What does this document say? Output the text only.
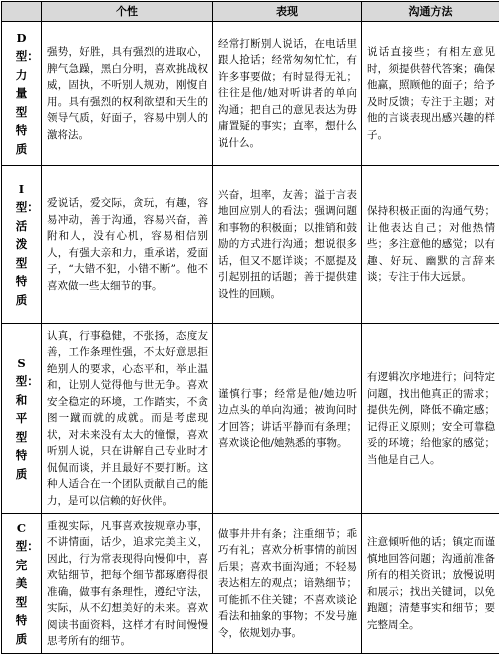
	个性	表现	沟通方法
D型：力量型特质	强势，好胜，具有强烈的进取心，脾气急躁，黑白分明，喜欢挑战权威，固执，不听别人规劝，刚愎自用。具有强烈的权利欲望和天生的领导气质，好面子，容易中别人的激将法。	经常打断别人说话，在电话里跟人抢话；经常匆匆忙忙，有许多事要做；有时显得无礼；往往是他/她对听讲者的单向沟通；把自己的意见表达为毋庸置疑的事实；直率，想什么说什么。	说话直接些；有相左意见时，须提供替代答案；确保他赢，照顾他的面子；给予及时反馈；专注于主题；对他的言谈表现出感兴趣的样子。
I型：活泼型特质	爱说话，爱交际，贪玩，有趣，容易冲动，善于沟通，容易兴奋，善附和人，没有心机，容易相信别人，有强大亲和力，重承诺，爱面子，“大错不犯，小错不断”。他不喜欢做一些太细节的事。	兴奋，坦率，友善；溢于言表地回应别人的看法；强调问题和事物的积极面；以推销和鼓励的方式进行沟通；想说很多话，但又不愿详谈；不愿提及引起别扭的话题；善于提供建设性的回顾。	保持积极正面的沟通气势；让他表达自己；对他热情些；多注意他的感觉；以有趣、好玩、幽默的言辞来谈；专注于伟大远景。
S型：和平型特质	认真，行事稳健，不张扬，态度友善，工作条理性强，不太好意思拒绝别人的要求，心态平和，举止温和，让别人觉得他与世无争。喜欢安全稳定的环境，工作踏实，不贪图一蹴而就的成就。而是考虑现状，对未来没有太大的憧憬，喜欢听别人说，只在讲解自己专业时才侃侃而谈，并且最好不要打断。这种人适合在一个团队贡献自己的能力，是可以信赖的好伙伴。	谨慎行事；经常是他/她边听边点头的单向沟通；被询问时才回答；讲话平静而有条理；喜欢谈论他/她熟悉的事物。	有逻辑次序地进行；问特定问题，找出他真正的需求；提供先例，降低不确定感；记得正义原则；安全可靠稳妥的环境；给他家的感觉；当他是自己人。
C型：完美型特质	重视实际，凡事喜欢按规章办事，不讲情面，话少，追求完美主义，因此，行为常表现得向慢仰中，喜欢钻细节，把每个细节都琢磨得很准确，做事有条理性，遵纪守法，实际，从不幻想美好的未来。喜欢阅读书面资料，这样才有时间慢慢思考所有的细节。	做事井井有条；注重细节；乖巧有礼；喜欢分析事情的前因后果；喜欢书面沟通；不轻易表达相左的观点；谙熟细节；可能抓不住关键；不喜欢谈论看法和抽象的事物；不发号施令，依规划办事。	注意倾听他的话；镇定而谨慎地回答问题；沟通前准备所有的相关资讯；放慢说明和展示；找出关键词，以免跑题；清楚事实和细节；要完整周全。
